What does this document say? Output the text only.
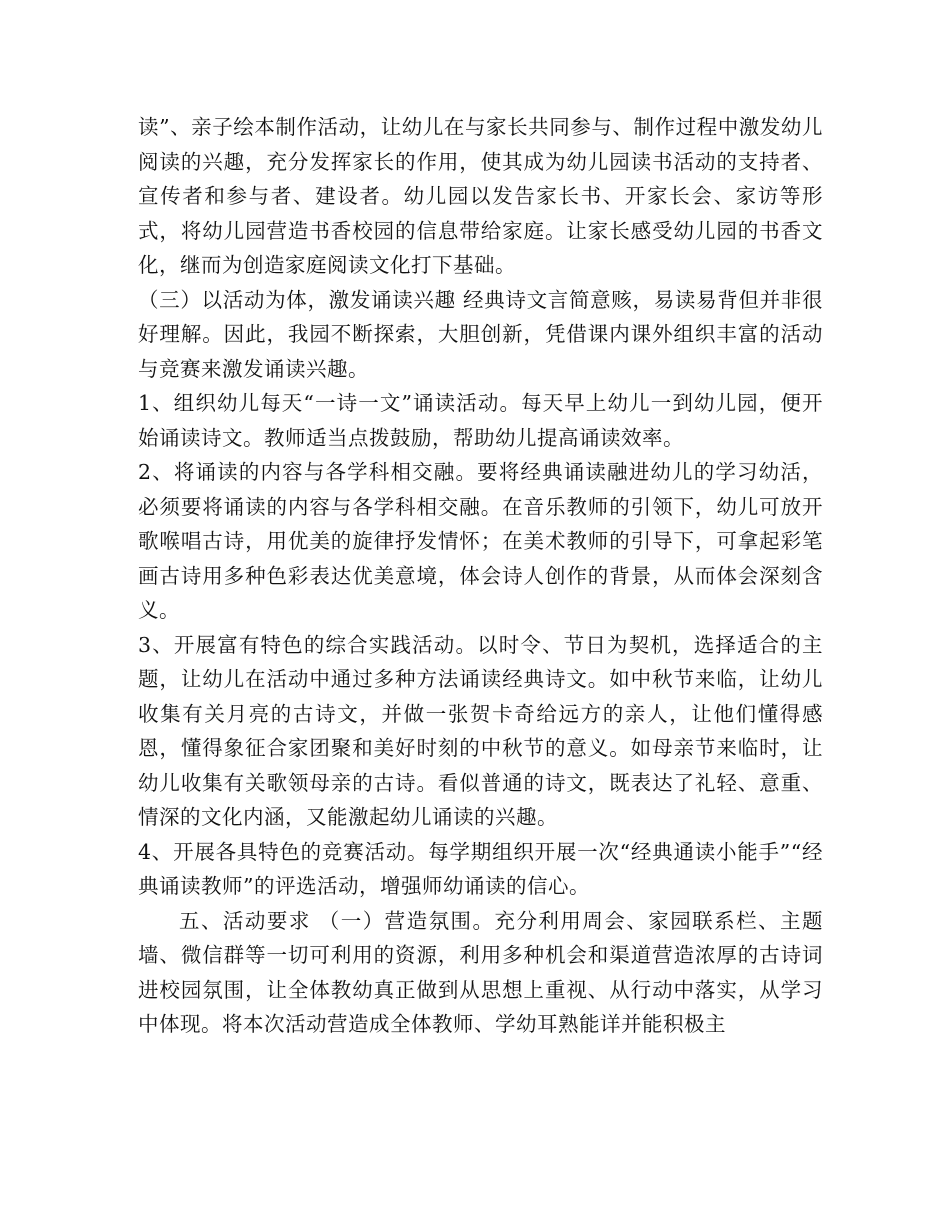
读”、亲子绘本制作活动，让幼儿在与家长共同参与、制作过程中激发幼儿阅读的兴趣，充分发挥家长的作用，使其成为幼儿园读书活动的支持者、宣传者和参与者、建设者。幼儿园以发告家长书、开家长会、家访等形式，将幼儿园营造书香校园的信息带给家庭。让家长感受幼儿园的书香文化，继而为创造家庭阅读文化打下基础。

（三）以活动为体，激发诵读兴趣 经典诗文言简意赅，易读易背但并非很好理解。因此，我园不断探索，大胆创新，凭借课内课外组织丰富的活动与竞赛来激发诵读兴趣。

1、组织幼儿每天“一诗一文”诵读活动。每天早上幼儿一到幼儿园，便开始诵读诗文。教师适当点拨鼓励，帮助幼儿提高诵读效率。

2、将诵读的内容与各学科相交融。要将经典诵读融进幼儿的学习幼活，必须要将诵读的内容与各学科相交融。在音乐教师的引领下，幼儿可放开歌喉唱古诗，用优美的旋律抒发情怀；在美术教师的引导下，可拿起彩笔画古诗用多种色彩表达优美意境，体会诗人创作的背景，从而体会深刻含义。

3、开展富有特色的综合实践活动。以时令、节日为契机，选择适合的主题，让幼儿在活动中通过多种方法诵读经典诗文。如中秋节来临，让幼儿收集有关月亮的古诗文，并做一张贺卡奇给远方的亲人，让他们懂得感恩，懂得象征合家团聚和美好时刻的中秋节的意义。如母亲节来临时，让幼儿收集有关歌领母亲的古诗。看似普通的诗文，既表达了礼轻、意重、情深的文化内涵，又能激起幼儿诵读的兴趣。

4、开展各具特色的竞赛活动。每学期组织开展一次“经典通读小能手”“经典诵读教师”的评选活动，增强师幼诵读的信心。

五、活动要求 （一）营造氛围。充分利用周会、家园联系栏、主题墙、微信群等一切可利用的资源，利用多种机会和渠道营造浓厚的古诗词进校园氛围，让全体教幼真正做到从思想上重视、从行动中落实，从学习中体现。将本次活动营造成全体教师、学幼耳熟能详并能积极主
